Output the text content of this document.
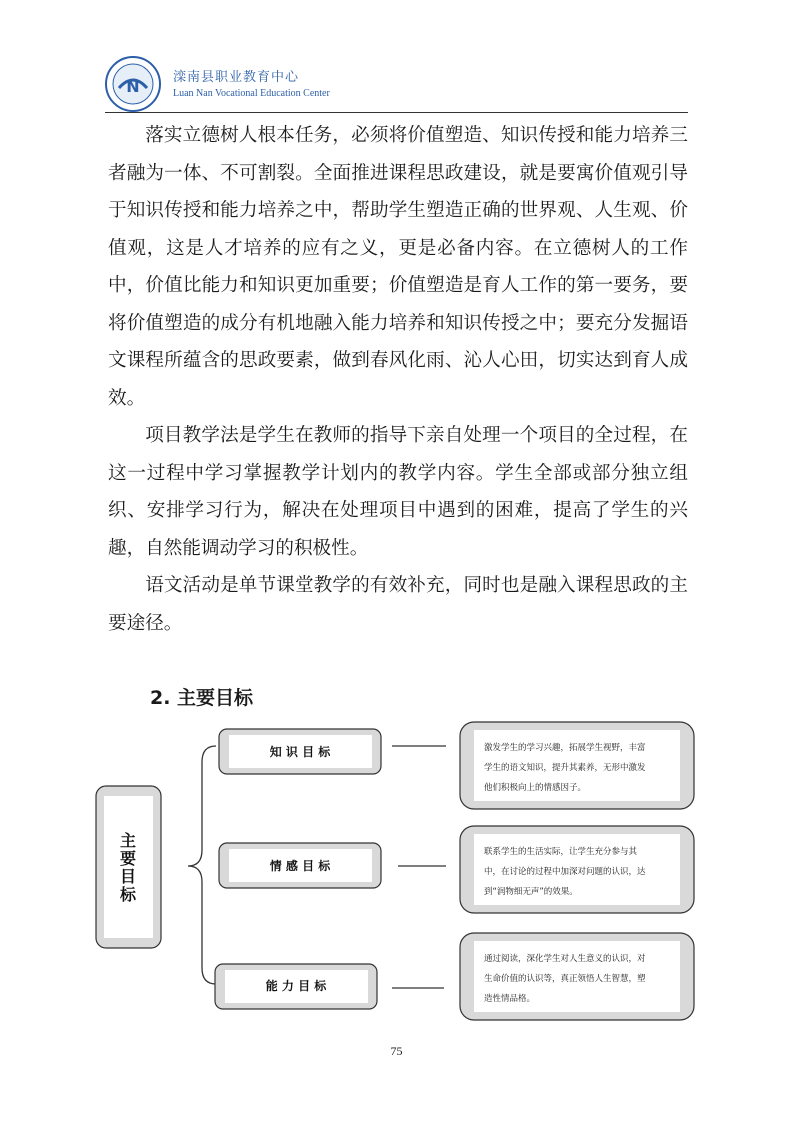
N	滦南县职业教育中心
Luan Nan Vocational Education Center

落实立德树人根本任务，必须将价值塑造、知识传授和能力培养三者融为一体、不可割裂。全面推进课程思政建设，就是要寓价值观引导于知识传授和能力培养之中，帮助学生塑造正确的世界观、人生观、价值观，这是人才培养的应有之义，更是必备内容。在立德树人的工作中，价值比能力和知识更加重要；价值塑造是育人工作的第一要务，要将价值塑造的成分有机地融入能力培养和知识传授之中；要充分发掘语文课程所蕴含的思政要素，做到春风化雨、沁人心田，切实达到育人成效。

项目教学法是学生在教师的指导下亲自处理一个项目的全过程，在这一过程中学习掌握教学计划内的教学内容。学生全部或部分独立组织、安排学习行为，解决在处理项目中遇到的困难，提高了学生的兴趣，自然能调动学习的积极性。

语文活动是单节课堂教学的有效补充，同时也是融入课程思政的主要途径。

2. 主要目标
主
要
目
标
知 识 目 标	激发学生的学习兴趣，拓展学生视野，丰富
学生的语文知识，提升其素养，无形中激发
他们积极向上的情感因子。
情 感 目 标
联系学生的生活实际，让学生充分参与其
中，在讨论的过程中加深对问题的认识，达
到“润物细无声”的效果。
能 力 目 标
通过阅读，深化学生对人生意义的认识，对
生命价值的认识等，真正领悟人生智慧，塑
造性情品格。
75
